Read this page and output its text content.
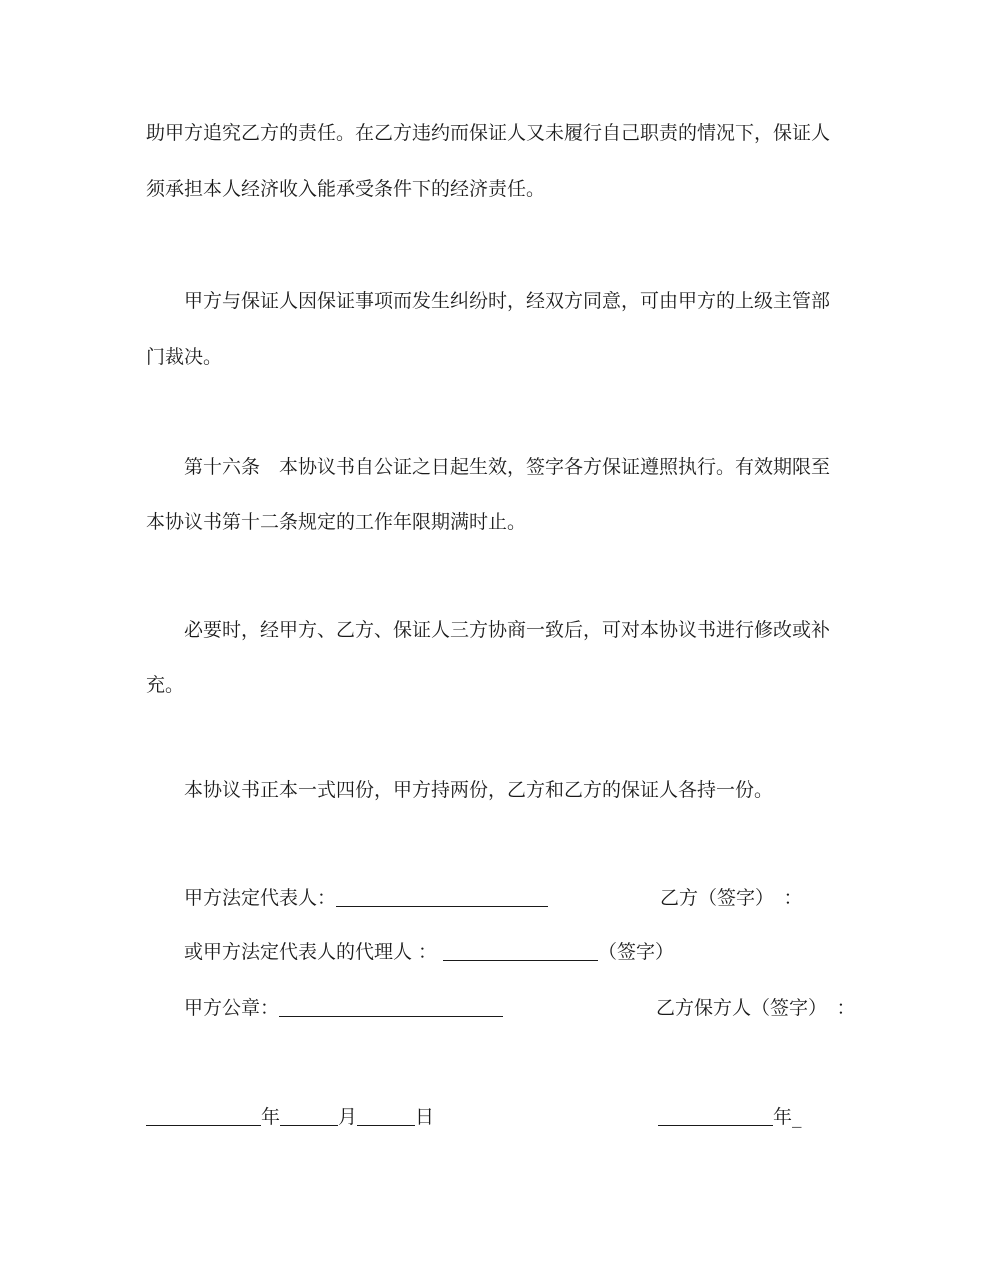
助甲方追究乙方的责任。在乙方违约而保证人又未履行自己职责的情况下，保证人
须承担本人经济收入能承受条件下的经济责任。
甲方与保证人因保证事项而发生纠纷时，经双方同意，可由甲方的上级主管部
门裁决。
第十六条　本协议书自公证之日起生效，签字各方保证遵照执行。有效期限至
本协议书第十二条规定的工作年限期满时止。
必要时，经甲方、乙方、保证人三方协商一致后，可对本协议书进行修改或补
充。
本协议书正本一式四份，甲方持两份，乙方和乙方的保证人各持一份。
甲方法定代表人：	乙方（签字）　：
或甲方法定代表人的代理人 ：	（签字）
甲方公章：	乙方保方人（签字）　：
年	月	日	年_
